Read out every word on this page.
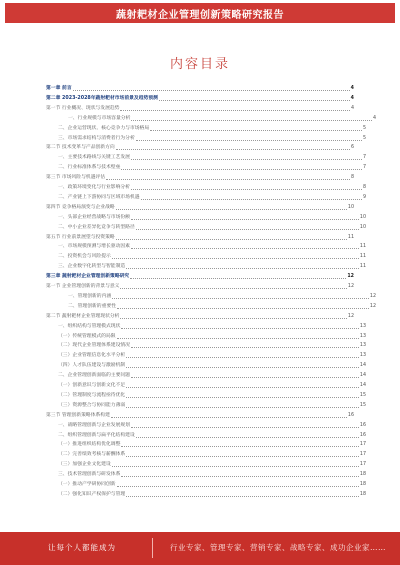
蔬射耙材企业管理创新策略研究报告
内容目录
第一章 前言	4
第二章 2023-2028年蔬射耙材市场前景及趋势预测	4
第一节 行业概况、现状与发展趋势	4
一、行业规模与市场容量分析	4
二、企业运营现状、核心竞争力与市场格局	5
三、市场需求结构与消费者行为分析	5
第二节 技术变革与产品创新方向	6
一、主要技术路线与关键工艺发展	7
二、行业标准体系与技术壁垒	7
第三节 市场风险与机遇评估	8
一、政策环境变化与行业影响分析	8
二、产业链上下游协同与区域市场机遇	9
第四节 竞争格局演变与企业战略	10
一、头部企业经营战略与市场份额	10
二、中小企业差异化竞争与转型路径	10
第五节 行业前景展望与投资策略	11
一、市场规模预测与增长驱动因素	11
二、投资机会与风险提示	11
三、企业数字化转型与智能制造	11
第三章 蔬射耙材企业管理创新策略研究	12
第一节 企业管理创新的背景与意义	12
一、管理创新的内涵	12
二、管理创新的重要性	12
第二节 蔬射耙材企业管理现状分析	12
一、组织结构与管理模式现状	13
（一）传统管理模式的局限	13
（二）现代企业管理体系建设情况	13
（三）企业管理信息化水平分析	13
（四）人才队伍建设与激励机制	14
二、企业管理创新面临的主要问题	14
（一）创新意识与创新文化不足	14
（二）管理制度与流程亟待优化	15
（三）资源整合与协同能力薄弱	15
第三节 管理创新策略体系构建	16
一、战略管理创新与企业发展规划	16
二、组织管理创新与扁平化结构建设	16
（一）推进组织结构优化调整	17
（二）完善绩效考核与薪酬体系	17
（三）加强企业文化建设	17
三、技术管理创新与研发体系	18
（一）推动产学研协同创新	18
（二）强化知识产权保护与管理	18
让每个人都能成为	行业专家、管理专家、营销专家、战略专家、成功企业家……
